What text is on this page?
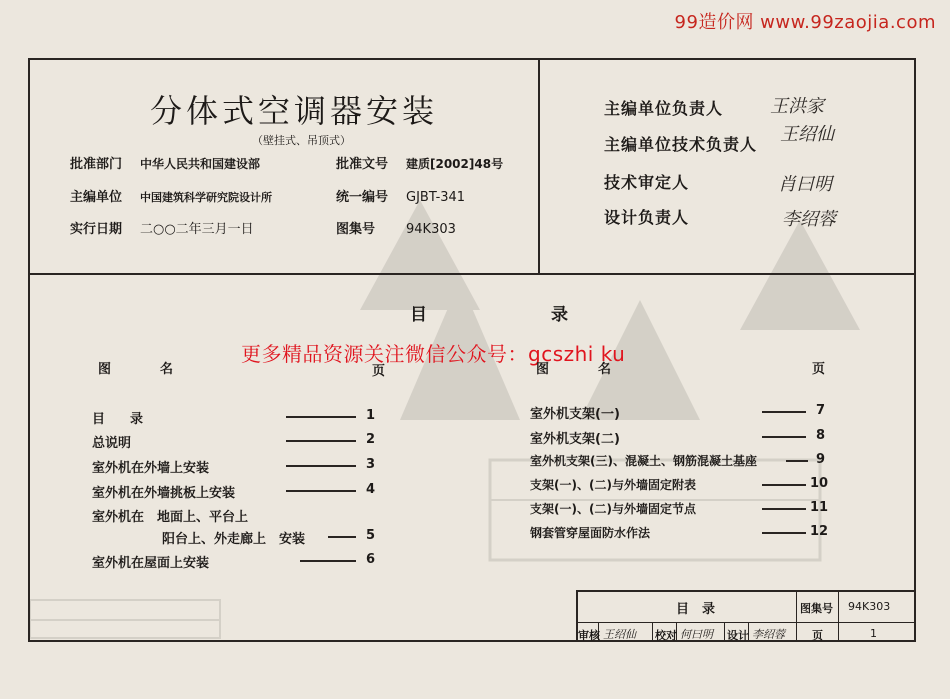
99造价网 www.99zaojia.com
分体式空调器安装
（壁挂式、吊顶式）
批准部门	中华人民共和国建设部	批准文号	建质[2002]48号
主编单位	中国建筑科学研究院设计所	统一编号	GJBT-341
实行日期	二○○二年三月一日	图集号	94K303
主编单位负责人	王洪家
主编单位技术负责人 王绍仙
技术审定人	肖曰明
设计负责人	李绍蓉
目　　录
更多精品资源关注微信公众号：gcszhi ku
图　名	页	图　名	页
目　录	1
总说明	2
室外机在外墙上安装	3
室外机在外墙挑板上安装	4
室外机在　地面上、平台上
阳台上、外走廊上　安装	5
室外机在屋面上安装	6
室外机支架(一)	7
室外机支架(二)	8
室外机支架(三)、混凝土、钢筋混凝土基座	9
支架(一)、(二)与外墙固定附表	10
支架(一)、(二)与外墙固定节点	11
钢套管穿屋面防水作法	12
目　录	图集号 94K303
审核 王绍仙 校对 何曰明 设计 李绍蓉 页	1
